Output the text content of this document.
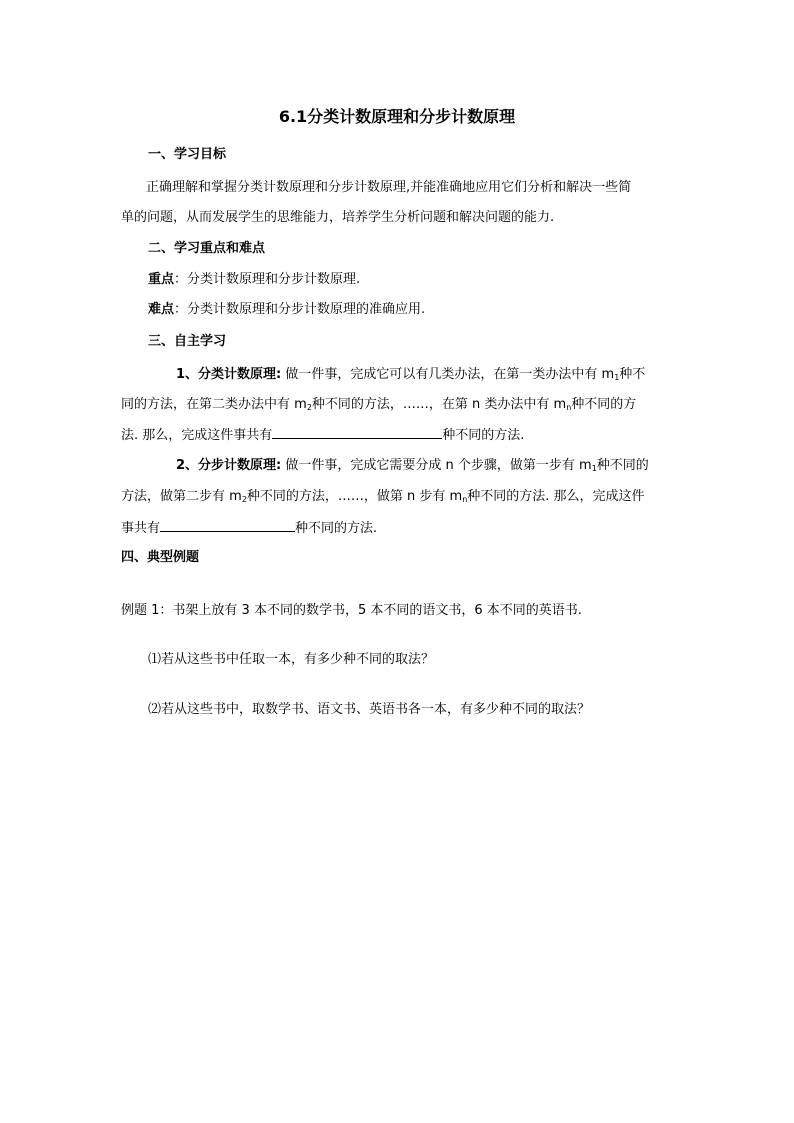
6.1分类计数原理和分步计数原理
一、学习目标
正确理解和掌握分类计数原理和分步计数原理,并能准确地应用它们分析和解决一些简
单的问题，从而发展学生的思维能力，培养学生分析问题和解决问题的能力.
二、学习重点和难点
重点：分类计数原理和分步计数原理.
难点：分类计数原理和分步计数原理的准确应用.
三、自主学习
1、分类计数原理: 做一件事，完成它可以有几类办法，在第一类办法中有 $m_1$种不
同的方法，在第二类办法中有 $m_2$种不同的方法，……，在第 n 类办法中有 $m_n$种不同的方
法. 那么，完成这件事共有	种不同的方法.
2、分步计数原理: 做一件事，完成它需要分成 n 个步骤，做第一步有 $m_1$种不同的
方法，做第二步有 $m_2$种不同的方法，……，做第 n 步有 $m_n$种不同的方法. 那么，完成这件
事共有	种不同的方法.
四、典型例题
例题 1：书架上放有 3 本不同的数学书，5 本不同的语文书，6 本不同的英语书.
⑴若从这些书中任取一本，有多少种不同的取法？
⑵若从这些书中，取数学书、语文书、英语书各一本，有多少种不同的取法？
